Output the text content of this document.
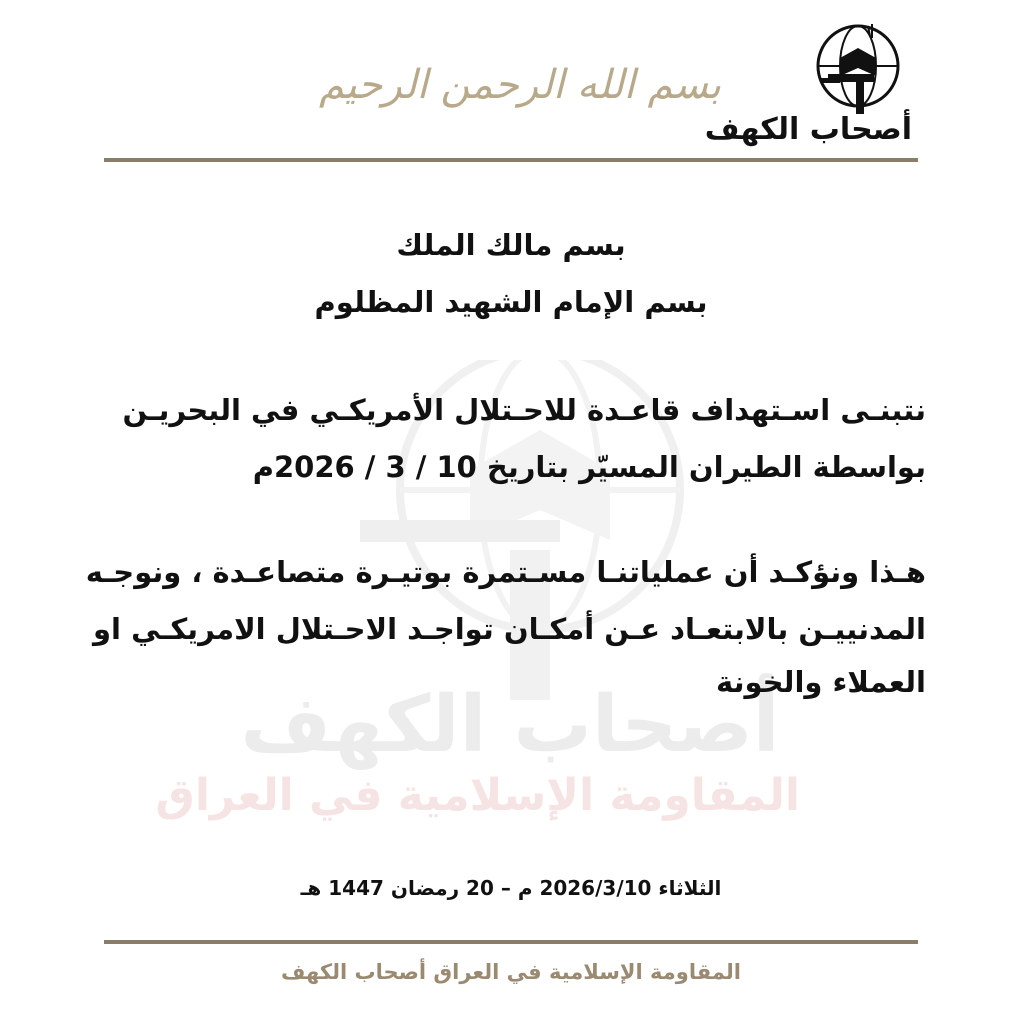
بسم الله الرحمن الرحيم
أصحاب الكهف
أصحاب الكهف
المقاومة الإسلامية في العراق
بسم مالك الملك
بسم الإمام الشهيد المظلوم
نتبنـى اسـتهداف قاعـدة للاحـتلال الأمريكـي في البحريـن
بواسطة الطيران المسيّر بتاريخ 10 / 3 / 2026م
هـذا ونؤكـد أن عملياتنـا مسـتمرة بوتيـرة متصاعـدة ، ونوجـه
المدنييـن بالابتعـاد عـن أمكـان تواجـد الاحـتلال الامريكـي او
العملاء والخونة
الثلاثاء 2026/3/10 م – 20 رمضان 1447 هـ
المقاومة الإسلامية في العراق أصحاب الكهف
